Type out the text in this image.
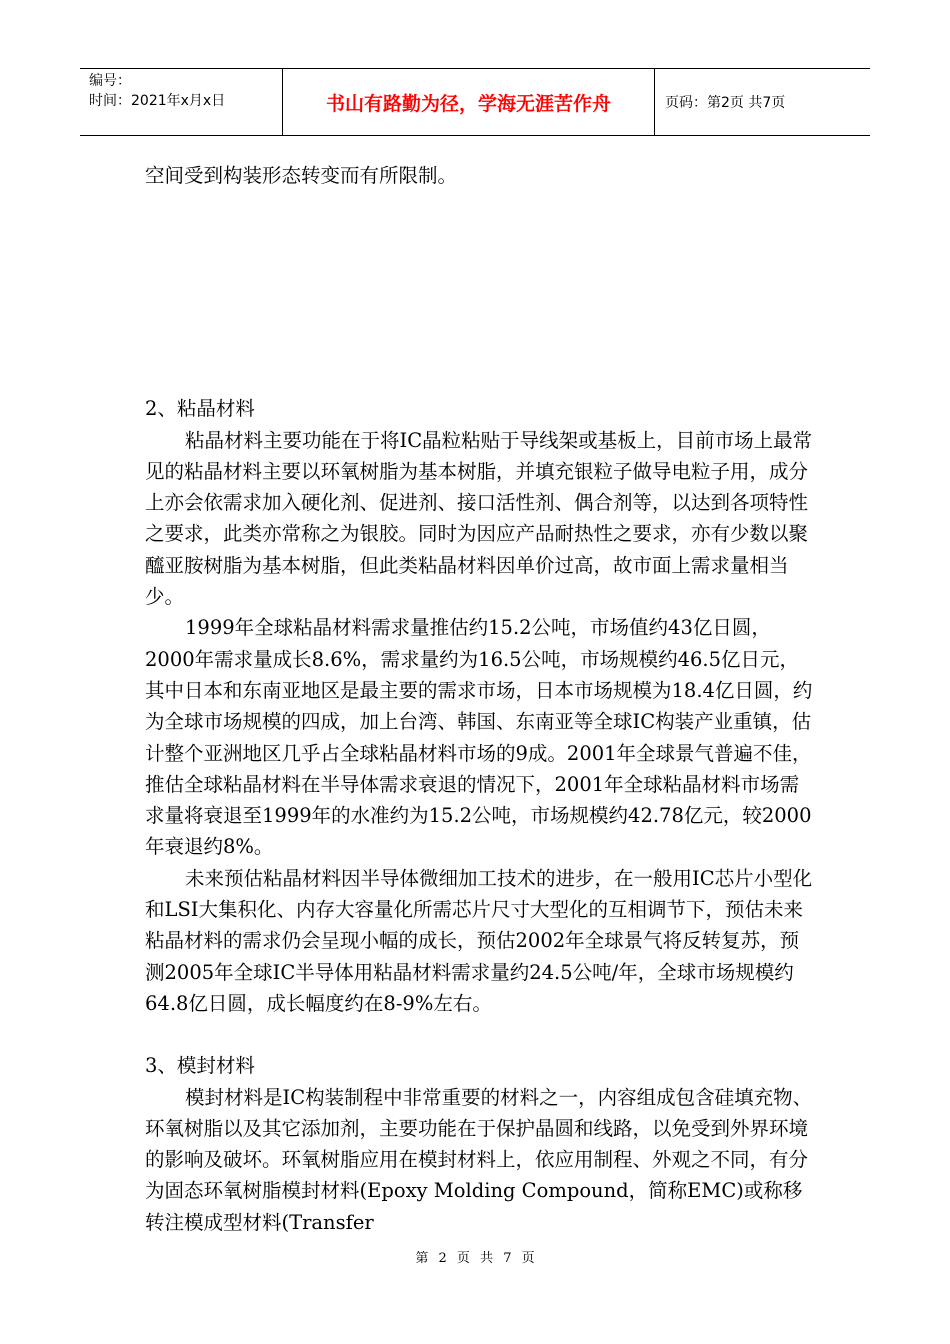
编号：
时间：2021年x月x日	书山有路勤为径，学海无涯苦作舟	页码：第2页 共7页

空间受到构装形态转变而有所限制。

2、粘晶材料

粘晶材料主要功能在于将IC晶粒粘贴于导线架或基板上，目前市场上最常见的粘晶材料主要以环氧树脂为基本树脂，并填充银粒子做导电粒子用，成分上亦会依需求加入硬化剂、促进剂、接口活性剂、偶合剂等，以达到各项特性之要求，此类亦常称之为银胶。同时为因应产品耐热性之要求，亦有少数以聚醯亚胺树脂为基本树脂，但此类粘晶材料因单价过高，故市面上需求量相当少。

1999年全球粘晶材料需求量推估约15.2公吨，市场值约43亿日圆，2000年需求量成长8.6%，需求量约为16.5公吨，市场规模约46.5亿日元，其中日本和东南亚地区是最主要的需求市场，日本市场规模为18.4亿日圆，约为全球市场规模的四成，加上台湾、韩国、东南亚等全球IC构装产业重镇，估计整个亚洲地区几乎占全球粘晶材料市场的9成。2001年全球景气普遍不佳，推估全球粘晶材料在半导体需求衰退的情况下，2001年全球粘晶材料市场需求量将衰退至1999年的水准约为15.2公吨，市场规模约42.78亿元，较2000年衰退约8%。

未来预估粘晶材料因半导体微细加工技术的进步，在一般用IC芯片小型化和LSI大集积化、内存大容量化所需芯片尺寸大型化的互相调节下，预估未来粘晶材料的需求仍会呈现小幅的成长，预估2002年全球景气将反转复苏，预测2005年全球IC半导体用粘晶材料需求量约24.5公吨/年，全球市场规模约64.8亿日圆，成长幅度约在8-9%左右。

3、模封材料

模封材料是IC构装制程中非常重要的材料之一，内容组成包含硅填充物、环氧树脂以及其它添加剂，主要功能在于保护晶圆和线路，以免受到外界环境的影响及破坏。环氧树脂应用在模封材料上，依应用制程、外观之不同，有分为固态环氧树脂模封材料(Epoxy Molding Compound，简称EMC)或称移转注模成型材料(Transfer

第 2 页 共 7 页
